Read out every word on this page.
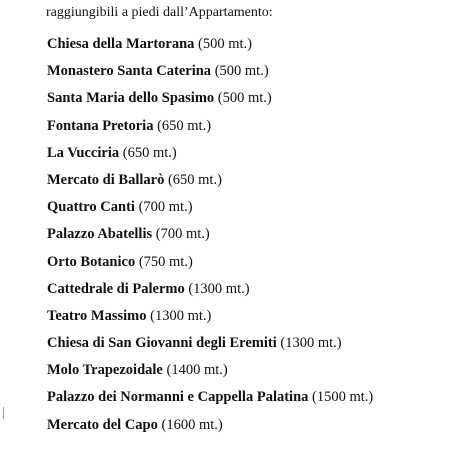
raggiungibili a piedi dall’Appartamento:
Chiesa della Martorana (500 mt.)
Monastero Santa Caterina (500 mt.)
Santa Maria dello Spasimo (500 mt.)
Fontana Pretoria (650 mt.)
La Vucciria (650 mt.)
Mercato di Ballarò (650 mt.)
Quattro Canti (700 mt.)
Palazzo Abatellis (700 mt.)
Orto Botanico (750 mt.)
Cattedrale di Palermo (1300 mt.)
Teatro Massimo (1300 mt.)
Chiesa di San Giovanni degli Eremiti (1300 mt.)
Molo Trapezoidale (1400 mt.)
Palazzo dei Normanni e Cappella Palatina (1500 mt.)
Mercato del Capo (1600 mt.)
